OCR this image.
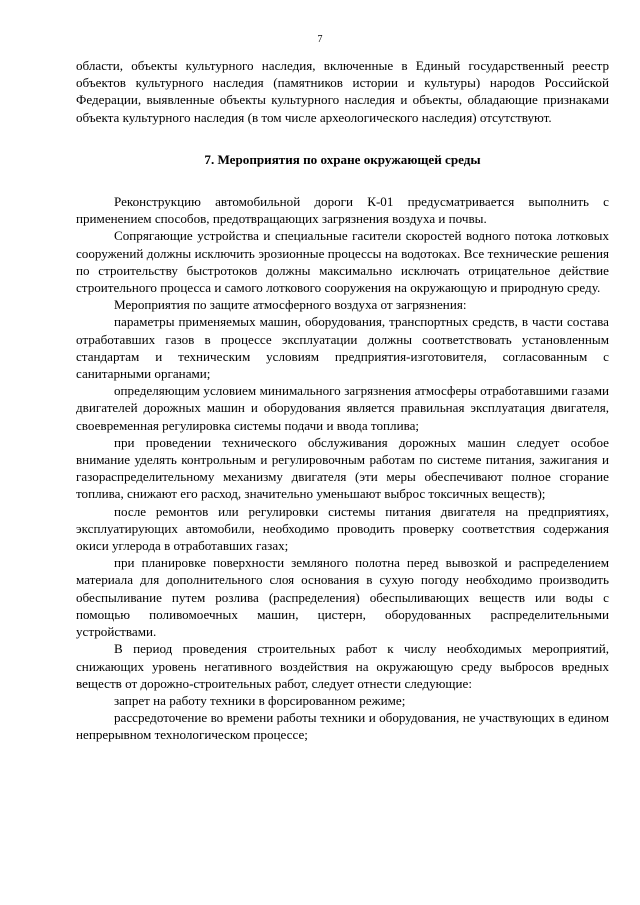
7

области, объекты культурного наследия, включенные в Единый государственный реестр объектов культурного наследия (памятников истории и культуры) народов Российской Федерации, выявленные объекты культурного наследия и объекты, обладающие признаками объекта культурного наследия (в том числе археологического наследия) отсутствуют.

7. Мероприятия по охране окружающей среды

Реконструкцию автомобильной дороги К-01 предусматривается выполнить с применением способов, предотвращающих загрязнения воздуха и почвы.

Сопрягающие устройства и специальные гасители скоростей водного потока лотковых сооружений должны исключить эрозионные процессы на водотоках. Все технические решения по строительству быстротоков должны максимально исключать отрицательное действие строительного процесса и самого лоткового сооружения на окружающую и природную среду.

Мероприятия по защите атмосферного воздуха от загрязнения:

параметры применяемых машин, оборудования, транспортных средств, в части состава отработавших газов в процессе эксплуатации должны соответствовать установленным стандартам и техническим условиям предприятия-изготовителя, согласованным с санитарными органами;

определяющим условием минимального загрязнения атмосферы отработавшими газами двигателей дорожных машин и оборудования является правильная эксплуатация двигателя, своевременная регулировка системы подачи и ввода топлива;

при проведении технического обслуживания дорожных машин следует особое внимание уделять контрольным и регулировочным работам по системе питания, зажигания и газораспределительному механизму двигателя (эти меры обеспечивают полное сгорание топлива, снижают его расход, значительно уменьшают выброс токсичных веществ);

после ремонтов или регулировки системы питания двигателя на предприятиях, эксплуатирующих автомобили, необходимо проводить проверку соответствия содержания окиси углерода в отработавших газах;

при планировке поверхности земляного полотна перед вывозкой и распределением материала для дополнительного слоя основания в сухую погоду необходимо производить обеспыливание путем розлива (распределения) обеспыливающих веществ или воды с помощью поливомоечных машин, цистерн, оборудованных распределительными устройствами.

В период проведения строительных работ к числу необходимых мероприятий, снижающих уровень негативного воздействия на окружающую среду выбросов вредных веществ от дорожно-строительных работ, следует отнести следующие:

запрет на работу техники в форсированном режиме;

рассредоточение во времени работы техники и оборудования, не участвующих в едином непрерывном технологическом процессе;
